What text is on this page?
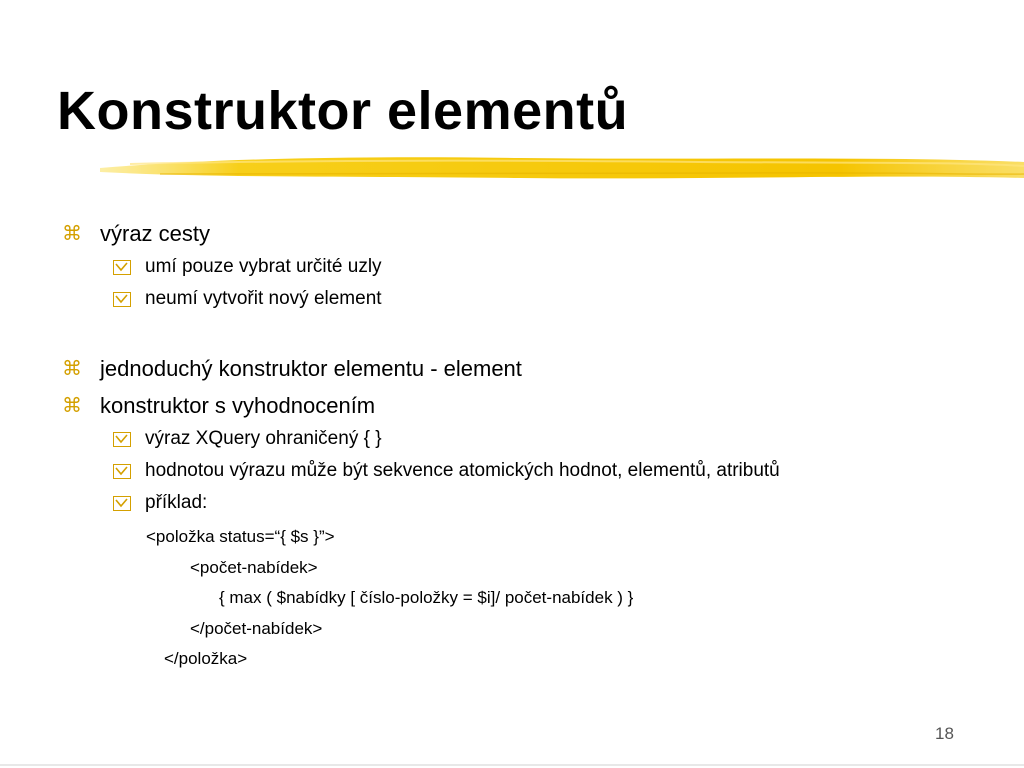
Konstruktor elementů
⌘ výraz cesty
umí pouze vybrat určité uzly
neumí vytvořit nový element
⌘ jednoduchý konstruktor elementu - element
⌘ konstruktor s vyhodnocením
výraz XQuery ohraničený { }
hodnotou výrazu může být sekvence atomických hodnot, elementů, atributů
příklad:
<položka status=“{ $s }”>
<počet-nabídek>
{ max ( $nabídky [ číslo-položky = $i]/ počet-nabídek ) }
</počet-nabídek>
</položka>
18
